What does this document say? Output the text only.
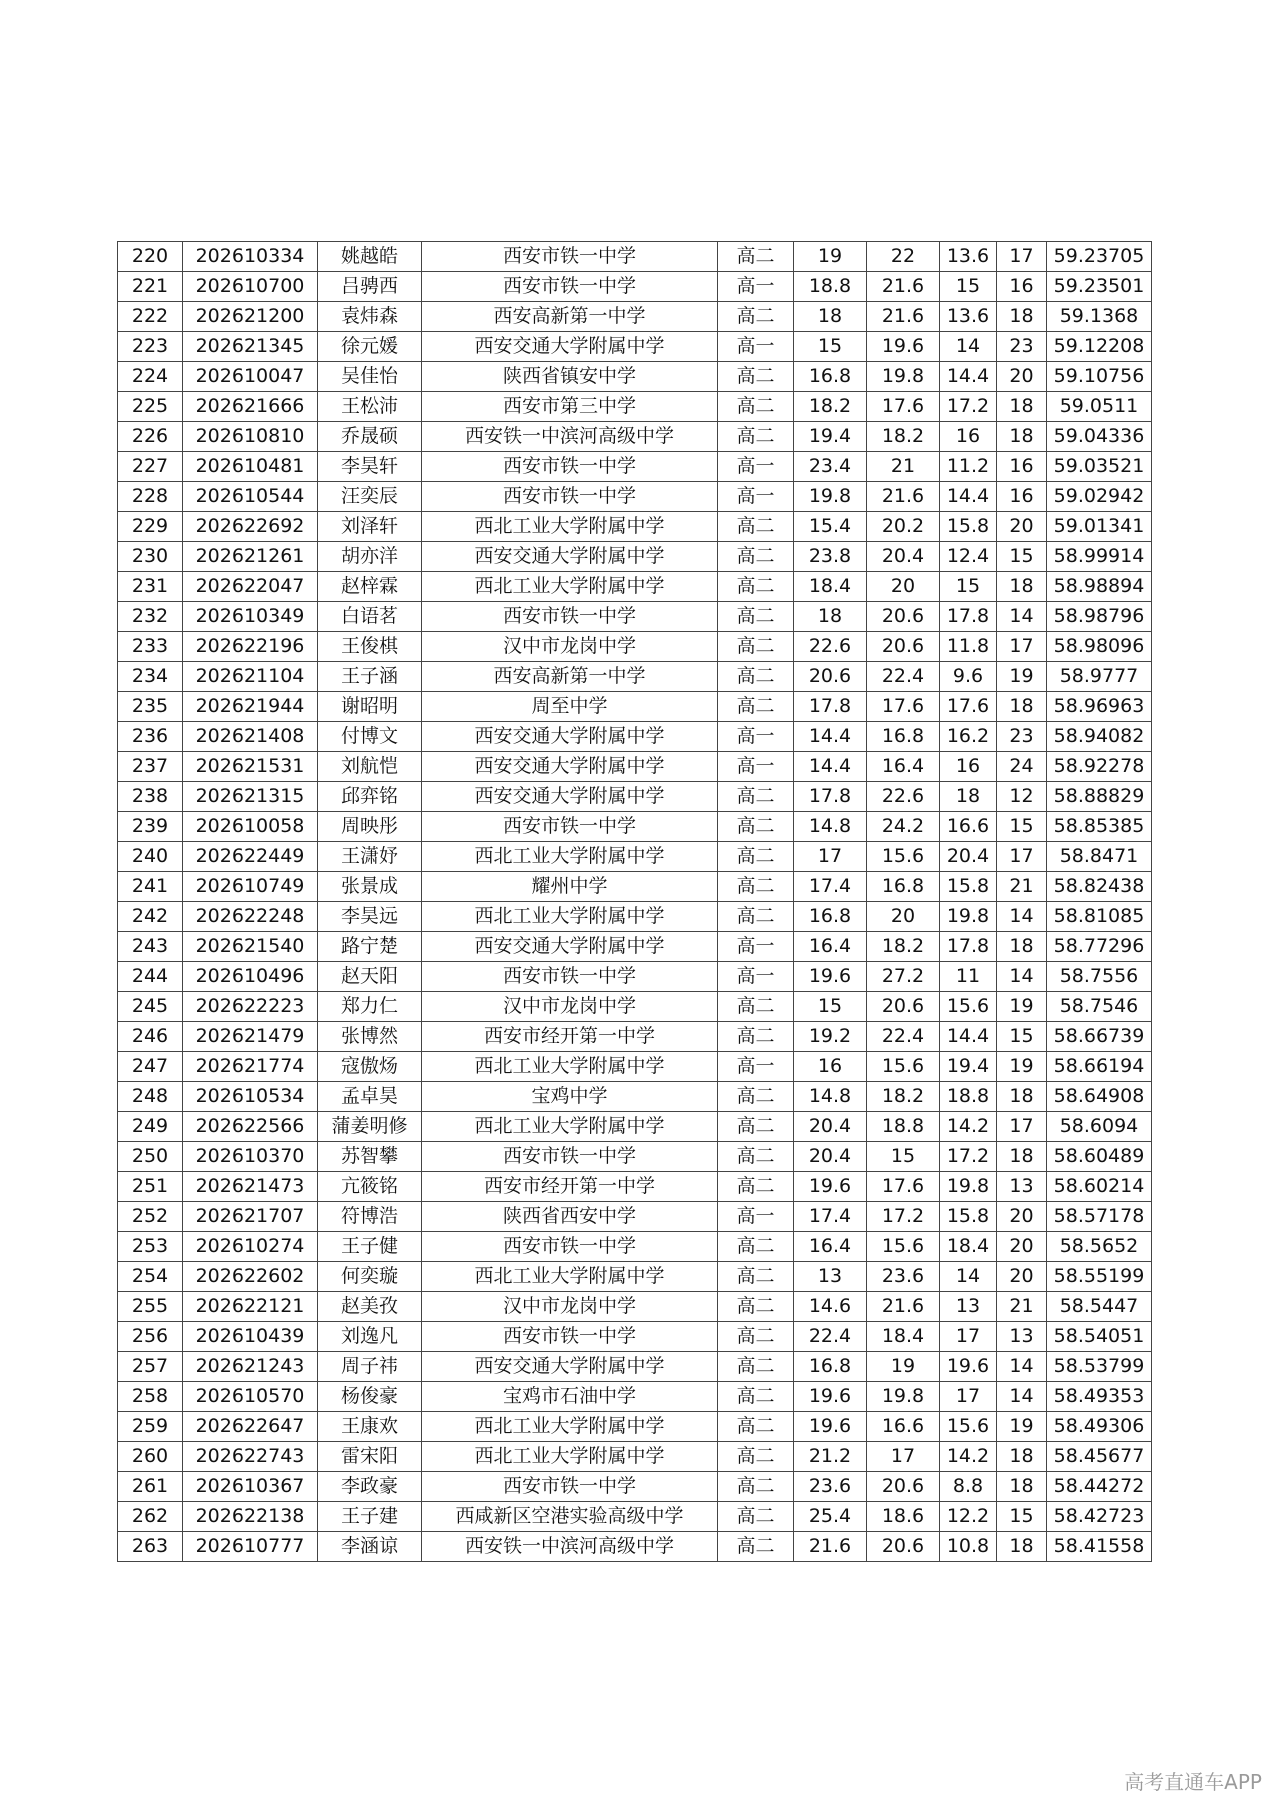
220	202610334	姚越皓	西安市铁一中学	高二	19	22	13.6	17	59.23705
221	202610700	吕骋西	西安市铁一中学	高一	18.8	21.6	15	16	59.23501
222	202621200	袁炜森	西安高新第一中学	高二	18	21.6	13.6	18	59.1368
223	202621345	徐元媛	西安交通大学附属中学	高一	15	19.6	14	23	59.12208
224	202610047	吴佳怡	陕西省镇安中学	高二	16.8	19.8	14.4	20	59.10756
225	202621666	王松沛	西安市第三中学	高二	18.2	17.6	17.2	18	59.0511
226	202610810	乔晟硕	西安铁一中滨河高级中学	高二	19.4	18.2	16	18	59.04336
227	202610481	李昊轩	西安市铁一中学	高一	23.4	21	11.2	16	59.03521
228	202610544	汪奕辰	西安市铁一中学	高一	19.8	21.6	14.4	16	59.02942
229	202622692	刘泽轩	西北工业大学附属中学	高二	15.4	20.2	15.8	20	59.01341
230	202621261	胡亦洋	西安交通大学附属中学	高二	23.8	20.4	12.4	15	58.99914
231	202622047	赵梓霖	西北工业大学附属中学	高二	18.4	20	15	18	58.98894
232	202610349	白语茗	西安市铁一中学	高二	18	20.6	17.8	14	58.98796
233	202622196	王俊棋	汉中市龙岗中学	高二	22.6	20.6	11.8	17	58.98096
234	202621104	王子涵	西安高新第一中学	高二	20.6	22.4	9.6	19	58.9777
235	202621944	谢昭明	周至中学	高二	17.8	17.6	17.6	18	58.96963
236	202621408	付博文	西安交通大学附属中学	高一	14.4	16.8	16.2	23	58.94082
237	202621531	刘航恺	西安交通大学附属中学	高一	14.4	16.4	16	24	58.92278
238	202621315	邱弈铭	西安交通大学附属中学	高二	17.8	22.6	18	12	58.88829
239	202610058	周映彤	西安市铁一中学	高二	14.8	24.2	16.6	15	58.85385
240	202622449	王潇妤	西北工业大学附属中学	高二	17	15.6	20.4	17	58.8471
241	202610749	张景成	耀州中学	高二	17.4	16.8	15.8	21	58.82438
242	202622248	李昊远	西北工业大学附属中学	高二	16.8	20	19.8	14	58.81085
243	202621540	路宁楚	西安交通大学附属中学	高一	16.4	18.2	17.8	18	58.77296
244	202610496	赵天阳	西安市铁一中学	高一	19.6	27.2	11	14	58.7556
245	202622223	郑力仁	汉中市龙岗中学	高二	15	20.6	15.6	19	58.7546
246	202621479	张博然	西安市经开第一中学	高二	19.2	22.4	14.4	15	58.66739
247	202621774	寇傲炀	西北工业大学附属中学	高一	16	15.6	19.4	19	58.66194
248	202610534	孟卓昊	宝鸡中学	高二	14.8	18.2	18.8	18	58.64908
249	202622566	蒲姜明修	西北工业大学附属中学	高二	20.4	18.8	14.2	17	58.6094
250	202610370	苏智攀	西安市铁一中学	高二	20.4	15	17.2	18	58.60489
251	202621473	亢筱铭	西安市经开第一中学	高二	19.6	17.6	19.8	13	58.60214
252	202621707	符博浩	陕西省西安中学	高一	17.4	17.2	15.8	20	58.57178
253	202610274	王子健	西安市铁一中学	高二	16.4	15.6	18.4	20	58.5652
254	202622602	何奕璇	西北工业大学附属中学	高二	13	23.6	14	20	58.55199
255	202622121	赵美孜	汉中市龙岗中学	高二	14.6	21.6	13	21	58.5447
256	202610439	刘逸凡	西安市铁一中学	高二	22.4	18.4	17	13	58.54051
257	202621243	周子祎	西安交通大学附属中学	高二	16.8	19	19.6	14	58.53799
258	202610570	杨俊豪	宝鸡市石油中学	高二	19.6	19.8	17	14	58.49353
259	202622647	王康欢	西北工业大学附属中学	高二	19.6	16.6	15.6	19	58.49306
260	202622743	雷宋阳	西北工业大学附属中学	高二	21.2	17	14.2	18	58.45677
261	202610367	李政豪	西安市铁一中学	高二	23.6	20.6	8.8	18	58.44272
262	202622138	王子建	西咸新区空港实验高级中学	高二	25.4	18.6	12.2	15	58.42723
263	202610777	李涵谅	西安铁一中滨河高级中学	高二	21.6	20.6	10.8	18	58.41558
高考直通车APP
